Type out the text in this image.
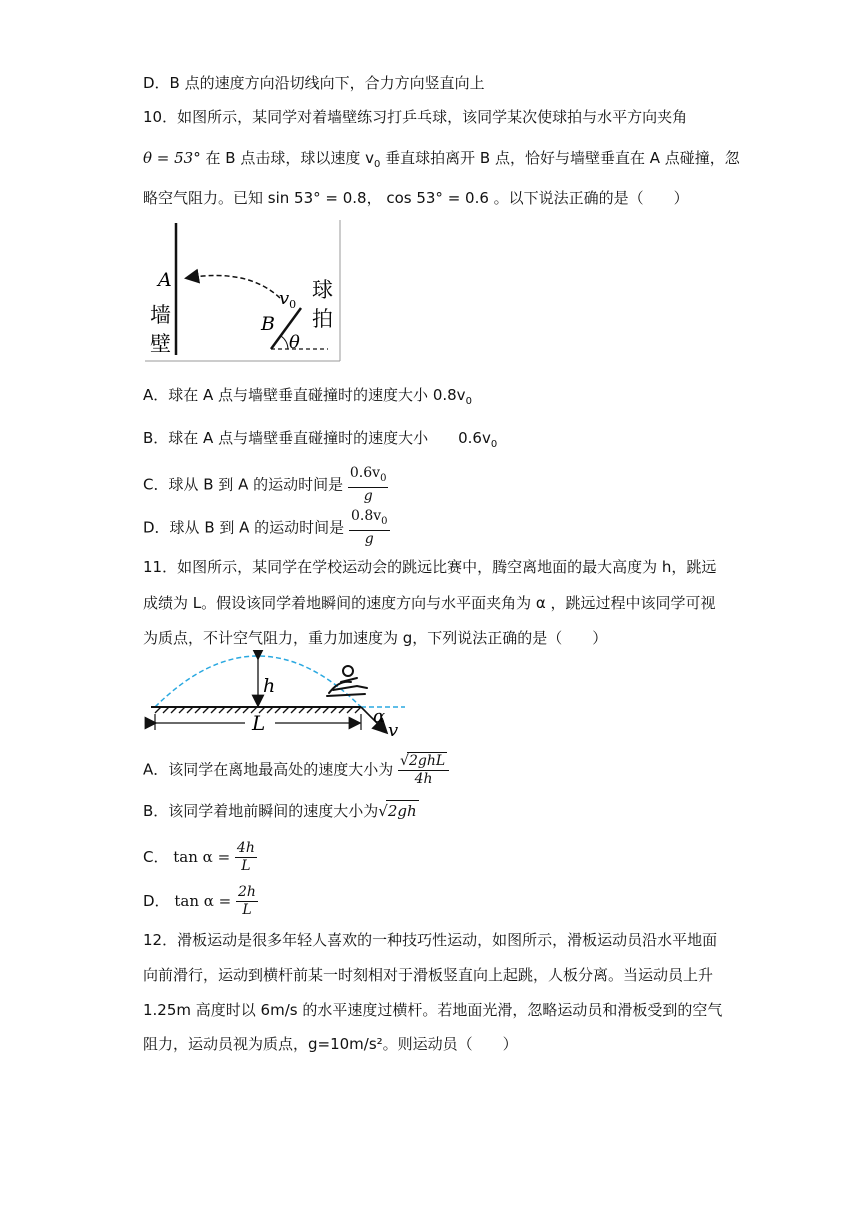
D．B 点的速度方向沿切线向下，合力方向竖直向上
10．如图所示，某同学对着墙壁练习打乒乓球，该同学某次使球拍与水平方向夹角
θ = 53° 在 B 点击球，球以速度 $v_0$ 垂直球拍离开 B 点，恰好与墙壁垂直在 A 点碰撞，忽
略空气阻力。已知 sin 53° = 0.8， cos 53° = 0.6 。以下说法正确的是（　　）
A
B
$v_0$
θ
墙
壁
球
拍
A．球在 A 点与墙壁垂直碰撞时的速度大小 $0.8v_0$
B．球在 A 点与墙壁垂直碰撞时的速度大小　　$0.6v_0$
C．球从 B 到 A 的运动时间是 $\frac{0.6v_0}{g}$
D．球从 B 到 A 的运动时间是 $\frac{0.8v_0}{g}$
11．如图所示，某同学在学校运动会的跳远比赛中，腾空离地面的最大高度为 h，跳远
成绩为 L。假设该同学着地瞬间的速度方向与水平面夹角为 α ，跳远过程中该同学可视
为质点，不计空气阻力，重力加速度为 g，下列说法正确的是（　　）
h
L	α
v
A．该同学在离地最高处的速度大小为 $\frac{\text{√2ghL}}{4h}$
B．该同学着地前瞬间的速度大小为√2gh
C． $\tan \alpha = \frac{4h}{L}$
D． $\tan \alpha = \frac{2h}{L}$
12．滑板运动是很多年轻人喜欢的一种技巧性运动，如图所示，滑板运动员沿水平地面
向前滑行，运动到横杆前某一时刻相对于滑板竖直向上起跳，人板分离。当运动员上升
1.25m 高度时以 6m/s 的水平速度过横杆。若地面光滑，忽略运动员和滑板受到的空气
阻力，运动员视为质点，g=10m/s²。则运动员（　　）
